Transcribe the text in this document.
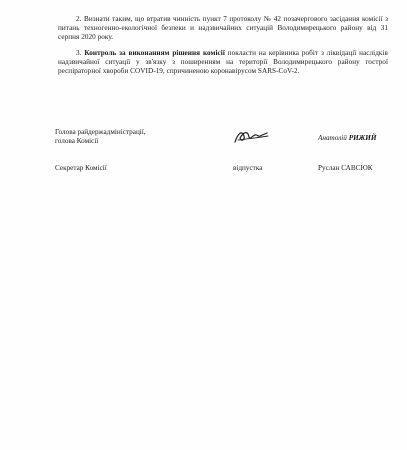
2. Визнати таким, що втратив чинність пункт 7 протоколу № 42 позачергового засідання комісії з питань техногенно-екологічної безпеки и надзвичайних ситуацій Володимирецького району від 31 серпня 2020 року.
3. Контроль за виконанням рішення комісії покласти на керівника робіт з ліквідації наслідків надзвичайної ситуації у зв'язку з поширенням на території Володимирецького району гострої респіраторної хвороби COVID-19, спричиненою коронавірусом SARS-CoV-2.
Голова райдержадміністрації,
голова Комісії	Анатолій РИЖИЙ
Секретар Комісії	відпустка	Руслан САВСЮК
